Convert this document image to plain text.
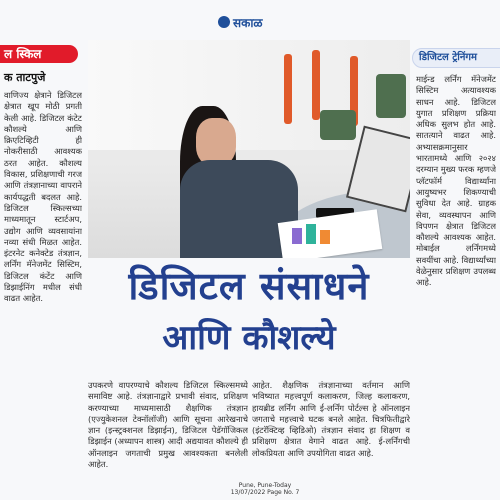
सकाळ
ल स्किल
क ताटपुजे
वाणिज्य क्षेत्राने डिजिटल क्षेत्रात खूप मोठी प्रगती केली आहे. डिजिटल कंटेट कौशल्ये आणि क्रिएटिव्हिटी ही नोकरीसाठी आवश्यक ठरत आहेत. कौशल्य विकास, प्रशिक्षणाची गरज आणि तंत्रज्ञानाच्या वापराने कार्यपद्धती बदलत आहे. डिजिटल स्किल्सच्या माध्यमातून स्टार्टअप, उद्योग आणि व्यवसायांना नव्या संधी मिळत आहेत. इंटरनेट कनेक्टेड तंत्रज्ञान, लर्निंग मॅनेजमेंट सिस्टिम, डिजिटल कंटेंट आणि डिझाईनिंग मधील संधी वाढत आहेत.
डिजिटल ट्रेनिंगम
माईन्ड लर्निंग मॅनेजमेंट सिस्टिम अत्यावश्यक साधन आहे. डिजिटल युगात प्रशिक्षण प्रक्रिया अधिक सुलभ होत आहे. सातत्याने वाढत आहे. अभ्यासक्रमानुसार भारतामध्ये आणि २०२४ दरम्यान मुख्य फरक म्हणजे प्लॅटफॉर्म विद्यार्थ्यांना आयुष्यभर शिकण्याची सुविधा देत आहे. ग्राहक सेवा, व्यवस्थापन आणि विपणन क्षेत्रात डिजिटल कौशल्ये आवश्यक आहेत. मोबाईल लर्निंगमध्ये सवयींचा आहे. विद्यार्थ्यांच्या वेळेनुसार प्रशिक्षण उपलब्ध आहे.
डिजिटल संसाधने
आणि कौशल्ये
उपकरणे वापरण्याचे कौशल्य डिजिटल स्किल्समध्ये समाविष्ट आहे. तंत्रज्ञानाद्वारे प्रभावी संवाद, प्रशिक्षण करण्याच्या माध्यमासाठी शैक्षणिक तंत्रज्ञान (एज्युकेशनल टेक्नॉलॉजी) आणि सूचना आरेखनाचे ज्ञान (इन्स्ट्रक्शनल डिझाईन), डिजिटल पेडॅगॉजिकल डिझाईन (अध्यापन शास्त्र) आदी अद्ययावत कौशल्ये ही ऑनलाइन जगताची प्रमुख आवश्यकता बनलेली आहेत.
आहेत. शैक्षणिक तंत्रज्ञानाच्या वर्तमान आणि भविष्यात महत्त्वपूर्ण कलाकरण, जिल्ह कलाकरण, हायब्रीड लर्निंग आणि ई-लर्निंग पोर्टल्स हे ऑनलाइन जगताचे महत्त्वाचे घटक बनले आहेत. चित्रफितीद्वारे (इंटरॅक्टिव्ह व्हिडिओ) तंत्रज्ञान संवाद हा शिक्षण व प्रशिक्षण क्षेत्रात वेगाने वाढत आहे. ई-लर्निंगची लोकप्रियता आणि उपयोगिता वाढत आहे.
Pune, Pune-Today
13/07/2022 Page No. 7
